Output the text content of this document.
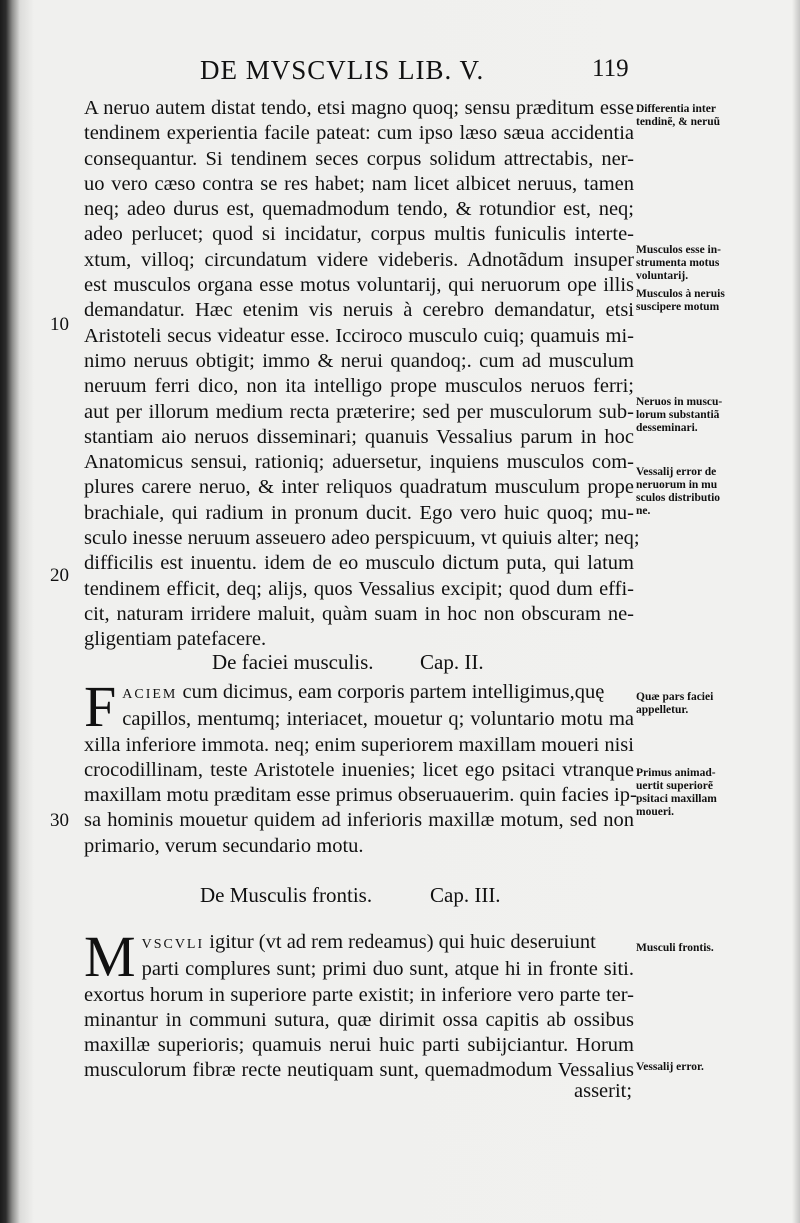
DE MVSCVLIS LIB. V.	119
10
20
30
A neruo autem distat tendo, etsi magno quoq; sensu præditum esse
tendinem experientia facile pateat: cum ipso læso sæua accidentia
consequantur. Si tendinem seces corpus solidum attrectabis, ner-
uo vero cæso contra se res habet; nam licet albicet neruus, tamen
neq; adeo durus est, quemadmodum tendo, & rotundior est, neq;
adeo perlucet; quod si incidatur, corpus multis funiculis interte-
xtum, villoq; circundatum videre videberis. Adnotãdum insuper
est musculos organa esse motus voluntarij, qui neruorum ope illis
demandatur. Hæc etenim vis neruis à cerebro demandatur, etsi
Aristoteli secus videatur esse. Icciroco musculo cuiq; quamuis mi-
nimo neruus obtigit; immo & nerui quandoq;. cum ad musculum
neruum ferri dico, non ita intelligo prope musculos neruos ferri;
aut per illorum medium recta præterire; sed per musculorum sub-
stantiam aio neruos disseminari; quanuis Vessalius parum in hoc
Anatomicus sensui, rationiq; aduersetur, inquiens musculos com-
plures carere neruo, & inter reliquos quadratum musculum prope
brachiale, qui radium in pronum ducit. Ego vero huic quoq; mu-
sculo inesse neruum asseuero adeo perspicuum, vt quiuis alter; neq;
difficilis est inuentu. idem de eo musculo dictum puta, qui latum
tendinem efficit, deq; alijs, quos Vessalius excipit; quod dum effi-
cit, naturam irridere maluit, quàm suam in hoc non obscuram ne-
gligentiam patefacere.
De faciei musculis. Cap. II.
F ACIEM cum dicimus, eam corporis partem intelligimus,quę
capillos, mentumq; interiacet, mouetur q; voluntario motu ma
xilla inferiore immota. neq; enim superiorem maxillam moueri nisi
crocodillinam, teste Aristotele inuenies; licet ego psitaci vtranque
maxillam motu præditam esse primus obseruauerim. quin facies ip-
sa hominis mouetur quidem ad inferioris maxillæ motum, sed non
primario, verum secundario motu.
De Musculis frontis.	Cap. III.
M VSCVLI igitur (vt ad rem redeamus) qui huic deseruiunt
parti complures sunt; primi duo sunt, atque hi in fronte siti.
exortus horum in superiore parte existit; in inferiore vero parte ter-
minantur in communi sutura, quæ dirimit ossa capitis ab ossibus
maxillæ superioris; quamuis nerui huic parti subijciantur. Horum
musculorum fibræ recte neutiquam sunt, quemadmodum Vessalius
asserit;
Differentia inter
tendinẽ, & neruũ
Musculos esse in-
strumenta motus
voluntarij.
Musculos à neruis
suscipere motum
Neruos in muscu-
lorum substantiã
desseminari.
Vessalij error de
neruorum in mu
sculos distributio
ne.
Quæ pars faciei
appelletur.
Primus animad-
uertit superiorẽ
psitaci maxillam
moueri.
Musculi frontis.
Vessalij error.
